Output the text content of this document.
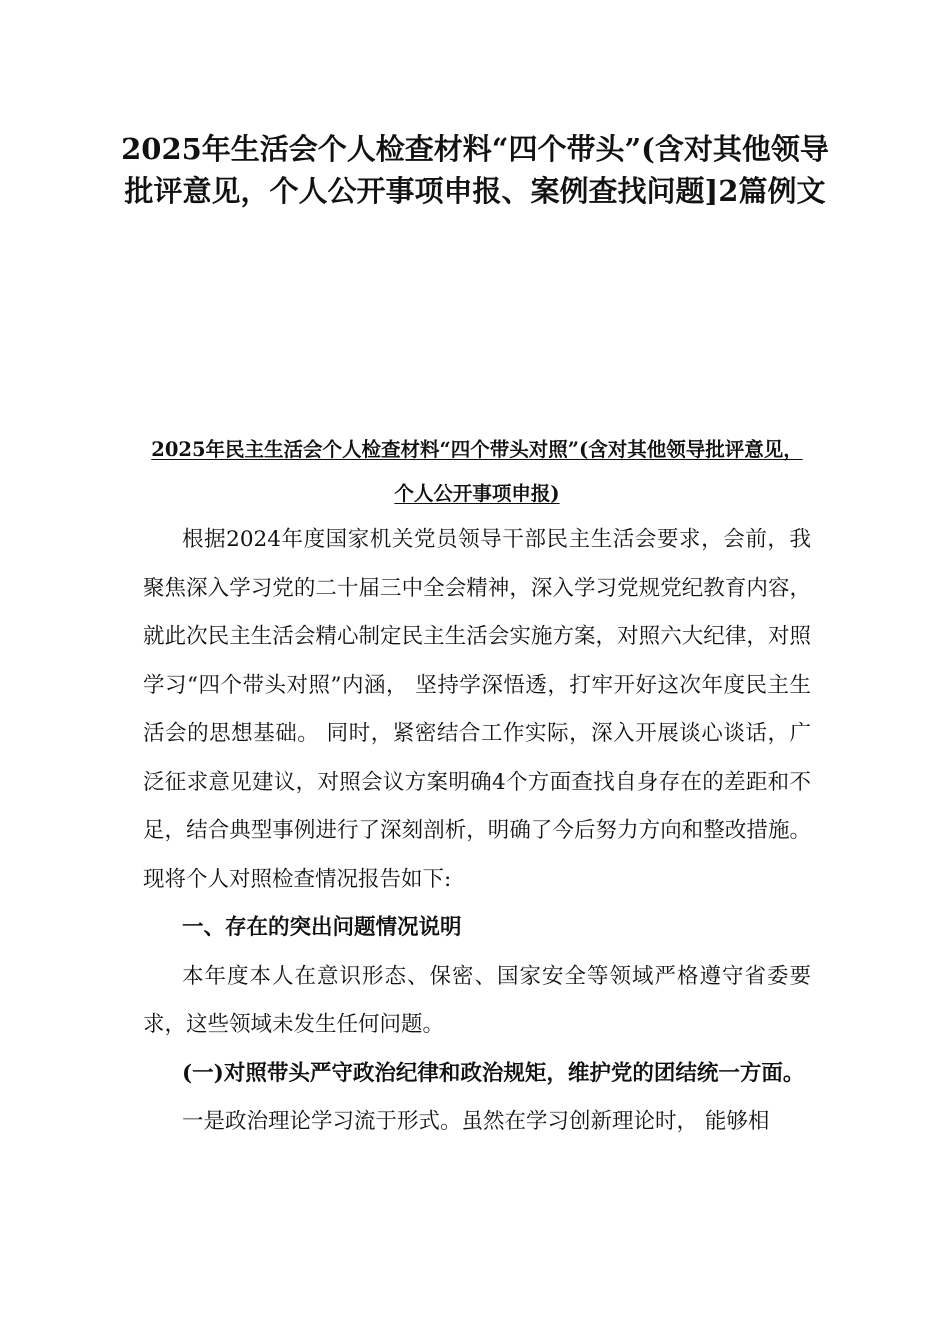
2025年生活会个人检查材料“四个带头”(含对其他领导批评意见，个人公开事项申报、案例查找问题]2篇例文

2025年民主生活会个人检查材料“四个带头对照”(含对其他领导批评意见，个人公开事项申报)

根据2024年度国家机关党员领导干部民主生活会要求，会前，我聚焦深入学习党的二十届三中全会精神，深入学习党规党纪教育内容，就此次民主生活会精心制定民主生活会实施方案，对照六大纪律，对照学习“四个带头对照”内涵， 坚持学深悟透，打牢开好这次年度民主生活会的思想基础。 同时，紧密结合工作实际，深入开展谈心谈话，广泛征求意见建议，对照会议方案明确4个方面查找自身存在的差距和不足，结合典型事例进行了深刻剖析，明确了今后努力方向和整改措施。现将个人对照检查情况报告如下:

一、存在的突出问题情况说明

本年度本人在意识形态、保密、国家安全等领域严格遵守省委要求，这些领域未发生任何问题。

(一)对照带头严守政治纪律和政治规矩，维护党的团结统一方面。

一是政治理论学习流于形式。虽然在学习创新理论时， 能够相
